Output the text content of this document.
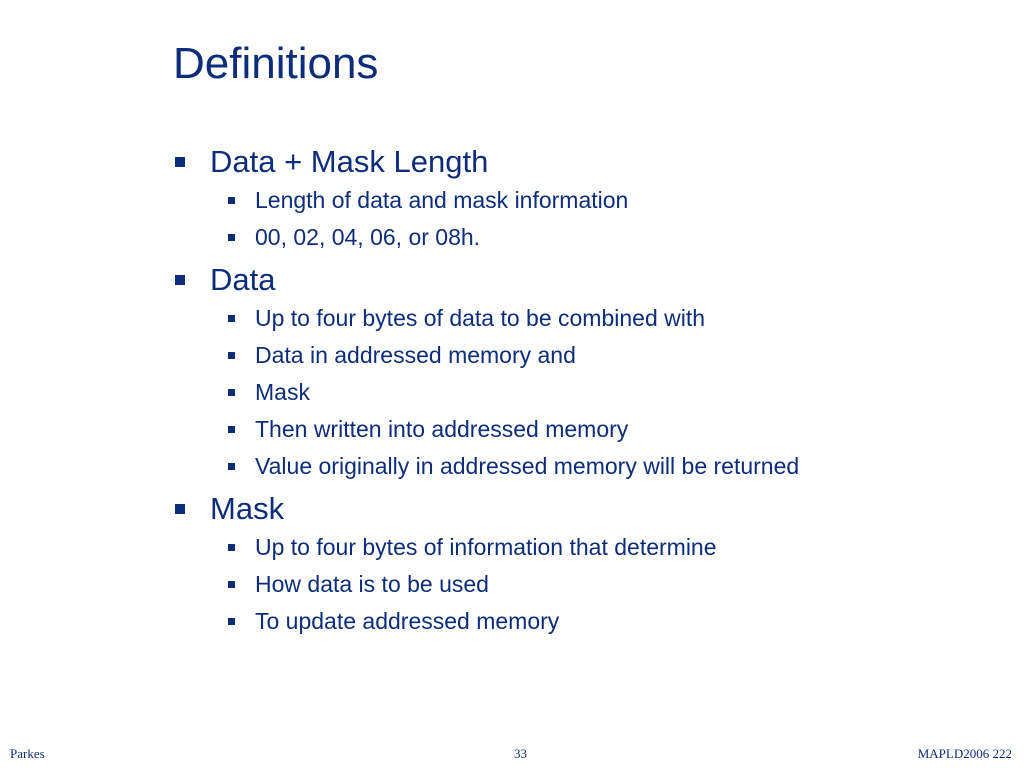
Definitions
Data + Mask Length
Length of data and mask information
00, 02, 04, 06, or 08h.
Data
Up to four bytes of data to be combined with
Data in addressed memory and
Mask
Then written into addressed memory
Value originally in addressed memory will be returned
Mask
Up to four bytes of information that determine
How data is to be used
To update addressed memory
Parkes	33	MAPLD2006 222
